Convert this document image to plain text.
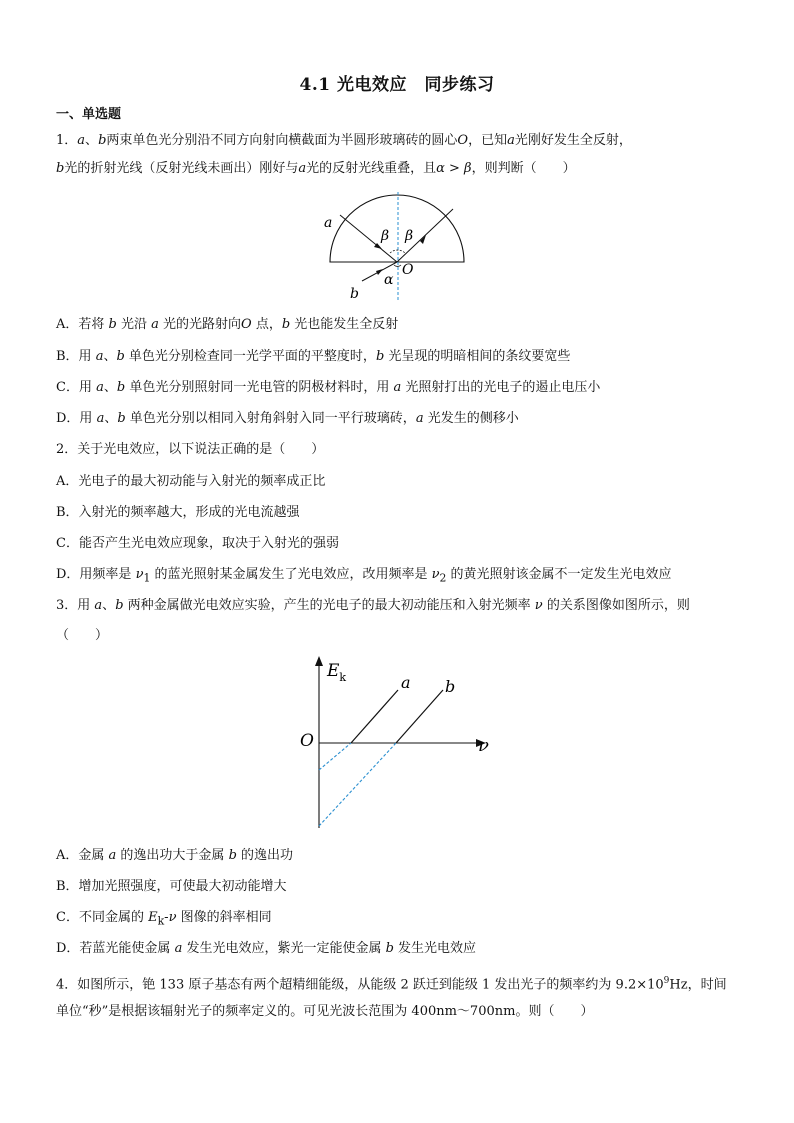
4.1 光电效应　同步练习
一、单选题
1．a、b两束单色光分别沿不同方向射向横截面为半圆形玻璃砖的圆心O，已知a光刚好发生全反射，
b光的折射光线（反射光线未画出）刚好与a光的反射光线重叠，且α > β，则判断（　　）
a
b
O
β β
α
A．若将 b 光沿 a 光的光路射向O 点，b 光也能发生全反射
B．用 a、b 单色光分别检查同一光学平面的平整度时，b 光呈现的明暗相间的条纹要宽些
C．用 a、b 单色光分别照射同一光电管的阴极材料时，用 a 光照射打出的光电子的遏止电压小
D．用 a、b 单色光分别以相同入射角斜射入同一平行玻璃砖，a 光发生的侧移小
2．关于光电效应，以下说法正确的是（　　）
A．光电子的最大初动能与入射光的频率成正比
B．入射光的频率越大，形成的光电流越强
C．能否产生光电效应现象，取决于入射光的强弱
D．用频率是 $\nu_1$ 的蓝光照射某金属发生了光电效应，改用频率是 $\nu_2$ 的黄光照射该金属不一定发生光电效应
3．用 a、b 两种金属做光电效应实验，产生的光电子的最大初动能压和入射光频率 ν 的关系图像如图所示，则
（　　）
$E_k$
O	ν
a b
A．金属 a 的逸出功大于金属 b 的逸出功
B．增加光照强度，可使最大初动能增大
C．不同金属的 $E_k-\nu$ 图像的斜率相同
D．若蓝光能使金属 a 发生光电效应，紫光一定能使金属 b 发生光电效应
4．如图所示，铯 133 原子基态有两个超精细能级，从能级 2 跃迁到能级 1 发出光子的频率约为 $9.2\times 10^9Hz$，时间
单位“秒”是根据该辐射光子的频率定义的。可见光波长范围为 400nm～700nm。则（　　）
